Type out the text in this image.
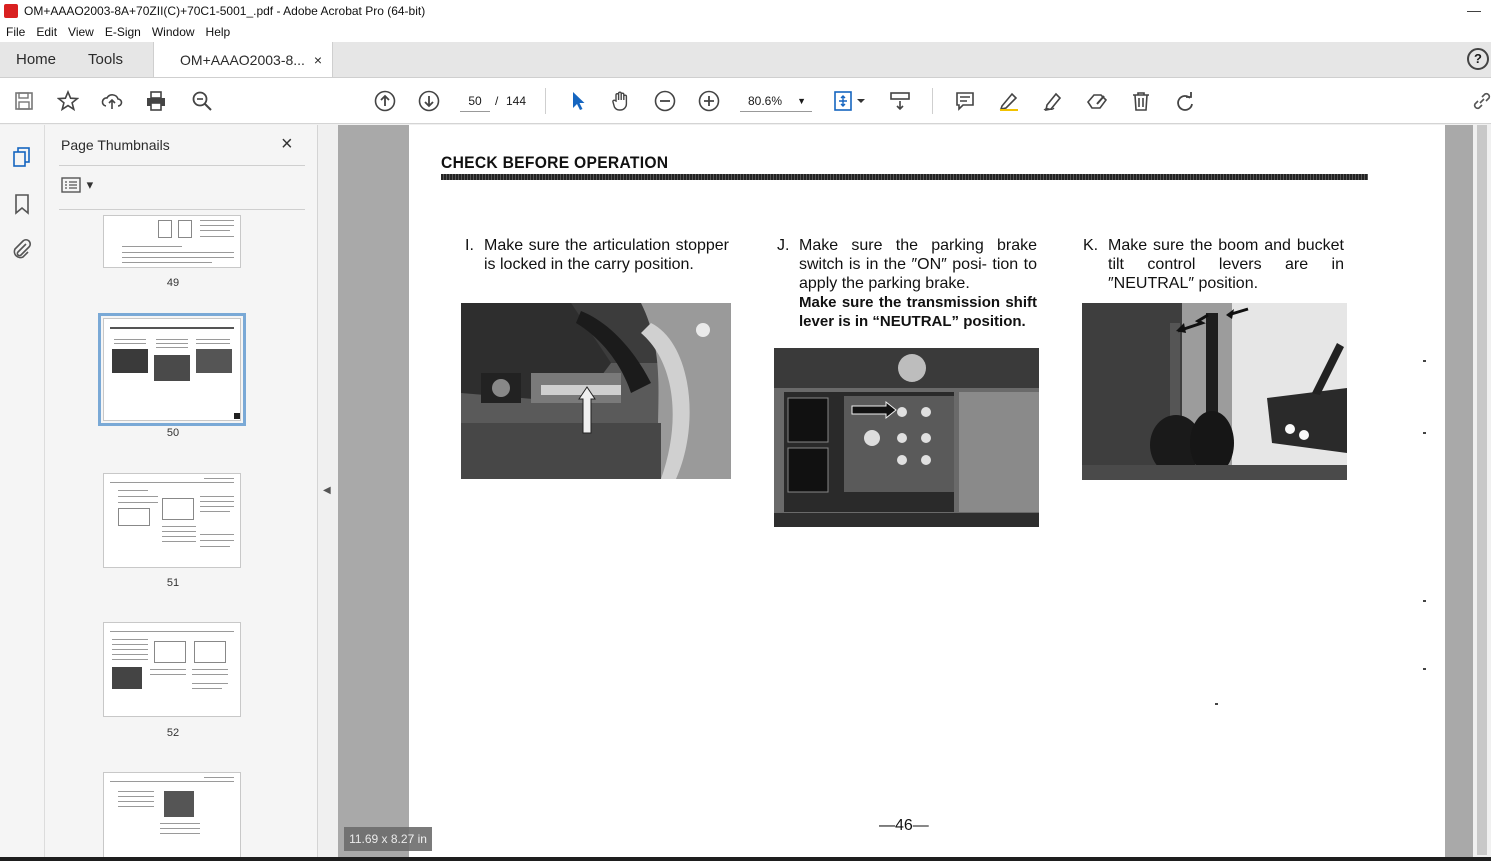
OM+AAAO2003-8A+70ZII(C)+70C1-5001_.pdf - Adobe Acrobat Pro (64-bit)	—
File Edit View E-Sign Window Help
Home	Tools	OM+AAAO2003-8... ×	?
50	/ 144	80.6% ▼
Page Thumbnails	×
▾
49
50
51
52
◀
CHECK BEFORE OPERATION
I. Make sure the articulation stopper is locked in the carry position.
J. Make sure the parking brake switch is in the ″ON″ posi- tion to apply the parking brake.
Make sure the transmission shift lever is in “NEUTRAL” position.
K. Make sure the boom and bucket tilt control levers are in ″NEUTRAL″ position.
—46—
11.69 x 8.27 in
